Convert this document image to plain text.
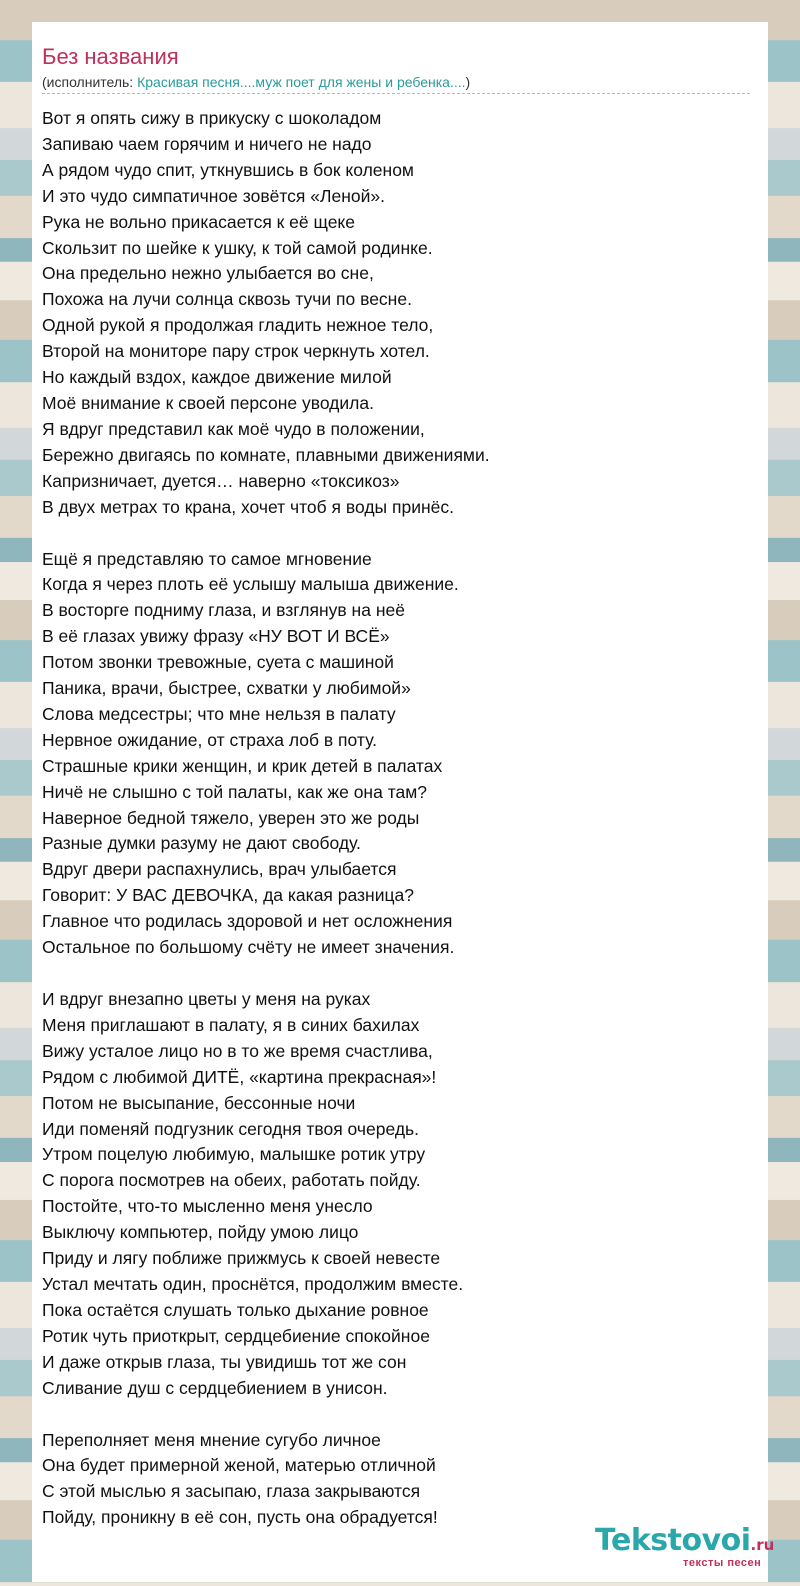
Без названия
(исполнитель: Красивая песня....муж поет для жены и ребенка....)

Вот я опять сижу в прикуску с шоколадом

Запиваю чаем горячим и ничего не надо

А рядом чудо спит, уткнувшись в бок коленом

И это чудо симпатичное зовётся «Леной».

Рука не вольно прикасается к её щеке

Скользит по шейке к ушку, к той самой родинке.

Она предельно нежно улыбается во сне,

Похожа на лучи солнца сквозь тучи по весне.

Одной рукой я продолжая гладить нежное тело,

Второй на мониторе пару строк черкнуть хотел.

Но каждый вздох, каждое движение милой

Моё внимание к своей персоне уводила.

Я вдруг представил как моё чудо в положении,

Бережно двигаясь по комнате, плавными движениями.

Капризничает, дуется… наверно «токсикоз»

В двух метрах то крана, хочет чтоб я воды принёс.

Ещё я представляю то самое мгновение

Когда я через плоть её услышу малыша движение.

В восторге подниму глаза, и взглянув на неё

В её глазах увижу фразу «НУ ВОТ И ВСЁ»

Потом звонки тревожные, суета с машиной

Паника, врачи, быстрее, схватки у любимой»

Слова медсестры; что мне нельзя в палату

Нервное ожидание, от страха лоб в поту.

Страшные крики женщин, и крик детей в палатах

Ничё не слышно с той палаты, как же она там?

Наверное бедной тяжело, уверен это же роды

Разные думки разуму не дают свободу.

Вдруг двери распахнулись, врач улыбается

Говорит: У ВАС ДЕВОЧКА, да какая разница?

Главное что родилась здоровой и нет осложнения

Остальное по большому счёту не имеет значения.

И вдруг внезапно цветы у меня на руках

Меня приглашают в палату, я в синих бахилах

Вижу усталое лицо но в то же время счастлива,

Рядом с любимой ДИТЁ, «картина прекрасная»!

Потом не высыпание, бессонные ночи

Иди поменяй подгузник сегодня твоя очередь.

Утром поцелую любимую, малышке ротик утру

С порога посмотрев на обеих, работать пойду.

Постойте, что-то мысленно меня унесло

Выключу компьютер, пойду умою лицо

Приду и лягу поближе прижмусь к своей невесте

Устал мечтать один, проснётся, продолжим вместе.

Пока остаётся слушать только дыхание ровное

Ротик чуть приоткрыт, сердцебиение спокойное

И даже открыв глаза, ты увидишь тот же сон

Сливание душ с сердцебиением в унисон.

Переполняет меня мнение сугубо личное

Она будет примерной женой, матерью отличной

С этой мыслью я засыпаю, глаза закрываются

Пойду, проникну в её сон, пусть она обрадуется!

Tekstovoi.ru
тексты песен
